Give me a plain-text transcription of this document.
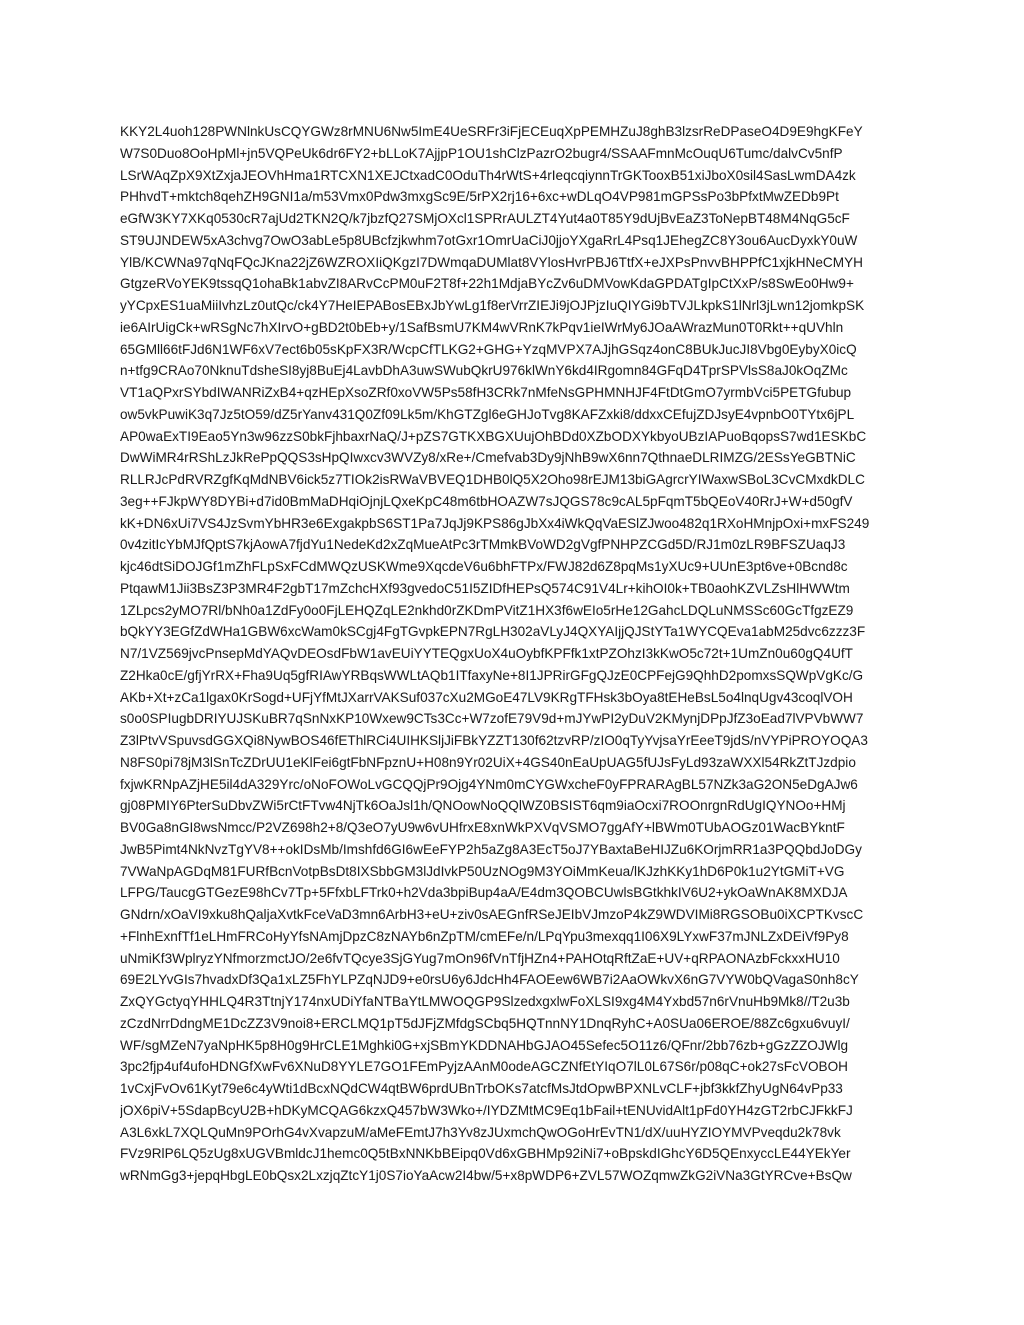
KKY2L4uoh128PWNlnkUsCQYGWz8rMNU6Nw5ImE4UeSRFr3iFjECEuqXpPEMHZuJ8ghB3lzsrReDPaseO4D9E9hgKFeY
W7S0Duo8OoHpMl+jn5VQPeUk6dr6FY2+bLLoK7AjjpP1OU1shClzPazrO2bugr4/SSAAFmnMcOuqU6Tumc/dalvCv5nfP
LSrWAqZpX9XtZxjaJEOVhHma1RTCXN1XEJCtxadC0OduTh4rWtS+4rIeqcqiynnTrGKTooxB51xiJboX0sil4SasLwmDA4zk
PHhvdT+mktch8qehZH9GNI1a/m53Vmx0Pdw3mxgSc9E/5rPX2rj16+6xc+wDLqO4VP981mGPSsPo3bPfxtMwZEDb9Pt
eGfW3KY7XKq0530cR7ajUd2TKN2Q/k7jbzfQ27SMjOXcl1SPRrAULZT4Yut4a0T85Y9dUjBvEaZ3ToNepBT48M4NqG5cF
ST9UJNDEW5xA3chvg7OwO3abLe5p8UBcfzjkwhm7otGxr1OmrUaCiJ0jjoYXgaRrL4Psq1JEhegZC8Y3ou6AucDyxkY0uW
YlB/KCWNa97qNqFQcJKna22jZ6WZROXIiQKgzI7DWmqaDUMlat8VYlosHvrPBJ6TtfX+eJXPsPnvvBHPPfC1xjkHNeCMYH
GtgzeRVoYEK9tssqQ1ohaBk1abvZI8ARvCcPM0uF2T8f+22h1MdjaBYcZv6uDMVowKdaGPDATgIpCtXxP/s8SwEo0Hw9+
yYCpxES1uaMiiIvhzLz0utQc/ck4Y7HeIEPABosEBxJbYwLg1f8erVrrZIEJi9jOJPjzIuQIYGi9bTVJLkpkS1lNrl3jLwn12jomkpSK
ie6AIrUigCk+wRSgNc7hXIrvO+gBD2t0bEb+y/1SafBsmU7KM4wVRnK7kPqv1ieIWrMy6JOaAWrazMun0T0Rkt++qUVhln
65GMll66tFJd6N1WF6xV7ect6b05sKpFX3R/WcpCfTLKG2+GHG+YzqMVPX7AJjhGSqz4onC8BUkJucJI8Vbg0EybyX0icQ
n+tfg9CRAo70NknuTdsheSI8yj8BuEj4LavbDhA3uwSWubQkrU976klWnY6kd4IRgomn84GFqD4TprSPVlsS8aJ0kOqZMc
VT1aQPxrSYbdIWANRiZxB4+qzHEpXsoZRf0xoVW5Ps58fH3CRk7nMfeNsGPHMNHJF4FtDtGmO7yrmbVci5PETGfubup
ow5vkPuwiK3q7Jz5tO59/dZ5rYanv431Q0Zf09Lk5m/KhGTZgl6eGHJoTvg8KAFZxki8/ddxxCEfujZDJsyE4vpnbO0TYtx6jPL
AP0waExTI9Eao5Yn3w96zzS0bkFjhbaxrNaQ/J+pZS7GTKXBGXUujOhBDd0XZbODXYkbyoUBzIAPuoBqopsS7wd1ESKbC
DwWiMR4rRShLzJkRePpQQS3sHpQIwxcv3WVZy8/xRe+/Cmefvab3Dy9jNhB9wX6nn7QthnaeDLRIMZG/2ESsYeGBTNiC
RLLRJcPdRVRZgfKqMdNBV6ick5z7TIOk2isRWaVBVEQ1DHB0lQ5X2Oho98rEJM13biGAgrcrYIWaxwSBoL3CvCMxdkDLC
3eg++FJkpWY8DYBi+d7id0BmMaDHqiOjnjLQxeKpC48m6tbHOAZW7sJQGS78c9cAL5pFqmT5bQEoV40RrJ+W+d50gfV
kK+DN6xUi7VS4JzSvmYbHR3e6ExgakpbS6ST1Pa7JqJj9KPS86gJbXx4iWkQqVaESlZJwoo482q1RXoHMnjpOxi+mxFS249
0v4zitIcYbMJfQptS7kjAowA7fjdYu1NedeKd2xZqMueAtPc3rTMmkBVoWD2gVgfPNHPZCGd5D/RJ1m0zLR9BFSZUaqJ3
kjc46dtSiDOJGf1mZhFLpSxFCdMWQzUSKWme9XqcdeV6u6bhFTPx/FWJ82d6Z8pqMs1yXUc9+UUnE3pt6ve+0Bcnd8c
PtqawM1Jii3BsZ3P3MR4F2gbT17mZchcHXf93gvedoC51I5ZIDfHEPsQ574C91V4Lr+kihOI0k+TB0aohKZVLZsHlHWWtm
1ZLpcs2yMO7Rl/bNh0a1ZdFy0o0FjLEHQZqLE2nkhd0rZKDmPVitZ1HX3f6wEIo5rHe12GahcLDQLuNMSSc60GcTfgzEZ9
bQkYY3EGfZdWHa1GBW6xcWam0kSCgj4FgTGvpkEPN7RgLH302aVLyJ4QXYAIjjQJStYTa1WYCQEva1abM25dvc6zzz3F
N7/1VZ569jvcPnsepMdYAQvDEOsdFbW1avEUiYYTEQgxUoX4uOybfKPFfk1xtPZOhzI3kKwO5c72t+1UmZn0u60gQ4UfT
Z2Hka0cE/gfjYrRX+Fha9Uq5gfRIAwYRBqsWWLtAQb1ITfaxyNe+8I1JPRirGFgQJzE0CPFejG9QhhD2pomxsSQWpVgKc/G
AKb+Xt+zCa1lgax0KrSogd+UFjYfMtJXarrVAKSuf037cXu2MGoE47LV9KRgTFHsk3bOya8tEHeBsL5o4lnqUgv43coqlVOH
s0o0SPIugbDRIYUJSKuBR7qSnNxKP10Wxew9CTs3Cc+W7zofE79V9d+mJYwPI2yDuV2KMynjDPpJfZ3oEad7lVPVbWW7
Z3lPtvVSpuvsdGGXQi8NywBOS46fEThlRCi4UIHKSljJiFBkYZZT130f62tzvRP/zIO0qTyYvjsaYrEeeT9jdS/nVYPiPROYOQA3
N8FS0pi78jM3lSnTcZDrUU1eKlFei6gtFbNFpznU+H08n9Yr02UiX+4GS40nEaUpUAG5fUJsFyLd93zaWXXl54RkZtTJzdpio
fxjwKRNpAZjHE5il4dA329Yrc/oNoFOWoLvGCQQjPr9Ojg4YNm0mCYGWxcheF0yFPRARAgBL57NZk3aG2ON5eDgAJw6
gj08PMIY6PterSuDbvZWi5rCtFTvw4NjTk6OaJsl1h/QNOowNoQQlWZ0BSIST6qm9iaOcxi7ROOnrgnRdUgIQYNOo+HMj
BV0Ga8nGI8wsNmcc/P2VZ698h2+8/Q3eO7yU9w6vUHfrxE8xnWkPXVqVSMO7ggAfY+lBWm0TUbAOGz01WacBYkntF
JwB5Pimt4NkNvzTgYV8++okIDsMb/Imshfd6GI6wEeFYP2h5aZg8A3EcT5oJ7YBaxtaBeHIJZu6KOrjmRR1a3PQQbdJoDGy
7VWaNpAGDqM81FURfBcnVotpBsDt8IXSbbGM3lJdIvkP50UzNOg9M3YOiMmKeua/lKJzhKKy1hD6P0k1u2YtGMiT+VG
LFPG/TaucgGTGezE98hCv7Tp+5FfxbLFTrk0+h2Vda3bpiBup4aA/E4dm3QOBCUwlsBGtkhkIV6U2+ykOaWnAK8MXDJA
GNdrn/xOaVI9xku8hQaljaXvtkFceVaD3mn6ArbH3+eU+ziv0sAEGnfRSeJEIbVJmzoP4kZ9WDVIMi8RGSOBu0iXCPTKvscC
+FlnhExnfTf1eLHmFRCoHyYfsNAmjDpzC8zNAYb6nZpTM/cmEFe/n/LPqYpu3mexqq1I06X9LYxwF37mJNLZxDEiVf9Py8
uNmiKf3WplryzYNfmorzmctJO/2e6fvTQcye3SjGYug7mOn96fVnTfjHZn4+PAHOtqRftZaE+UV+qRPAONAzbFckxxHU10
69E2LYvGIs7hvadxDf3Qa1xLZ5FhYLPZqNJD9+e0rsU6y6JdcHh4FAOEew6WB7i2AaOWkvX6nG7VYW0bQVagaS0nh8cY
ZxQYGctyqYHHLQ4R3TtnjY174nxUDiYfaNTBaYtLMWOQGP9SlzedxgxlwFoXLSI9xg4M4Yxbd57n6rVnuHb9Mk8//T2u3b
zCzdNrrDdngME1DcZZ3V9noi8+ERCLMQ1pT5dJFjZMfdgSCbq5HQTnnNY1DnqRyhC+A0SUa06EROE/88Zc6gxu6vuyI/
WF/sgMZeN7yaNpHK5p8H0g9HrCLE1Mghki0G+xjSBmYKDDNAHbGJAO45Sefec5O11z6/QFnr/2bb76zb+gGzZZOJWlg
3pc2fjp4uf4ufoHDNGfXwFv6XNuD8YYLE7GO1FEmPyjzAAnM0odeAGCZNfEtYIqO7lL0L67S6r/p08qC+ok27sFcVOBOH
1vCxjFvOv61Kyt79e6c4yWti1dBcxNQdCW4qtBW6prdUBnTrbOKs7atcfMsJtdOpwBPXNLvCLF+jbf3kkfZhyUgN64vPp33
jOX6piV+5SdapBcyU2B+hDKyMCQAG6kzxQ457bW3Wko+/IYDZMtMC9Eq1bFail+tENUvidAlt1pFd0YH4zGT2rbCJFkkFJ
A3L6xkL7XQLQuMn9POrhG4vXvapzuM/aMeFEmtJ7h3Yv8zJUxmchQwOGoHrEvTN1/dX/uuHYZIOYMVPveqdu2k78vk
FVz9RlP6LQ5zUg8xUGVBmldcJ1hemc0Q5tBxNNKbBEipq0Vd6xGBHMp92iNi7+oBpskdIGhcY6D5QEnxyccLE44YEkYer
wRNmGg3+jepqHbgLE0bQsx2LxzjqZtcY1j0S7ioYaAcw2I4bw/5+x8pWDP6+ZVL57WOZqmwZkG2iVNa3GtYRCve+BsQw
